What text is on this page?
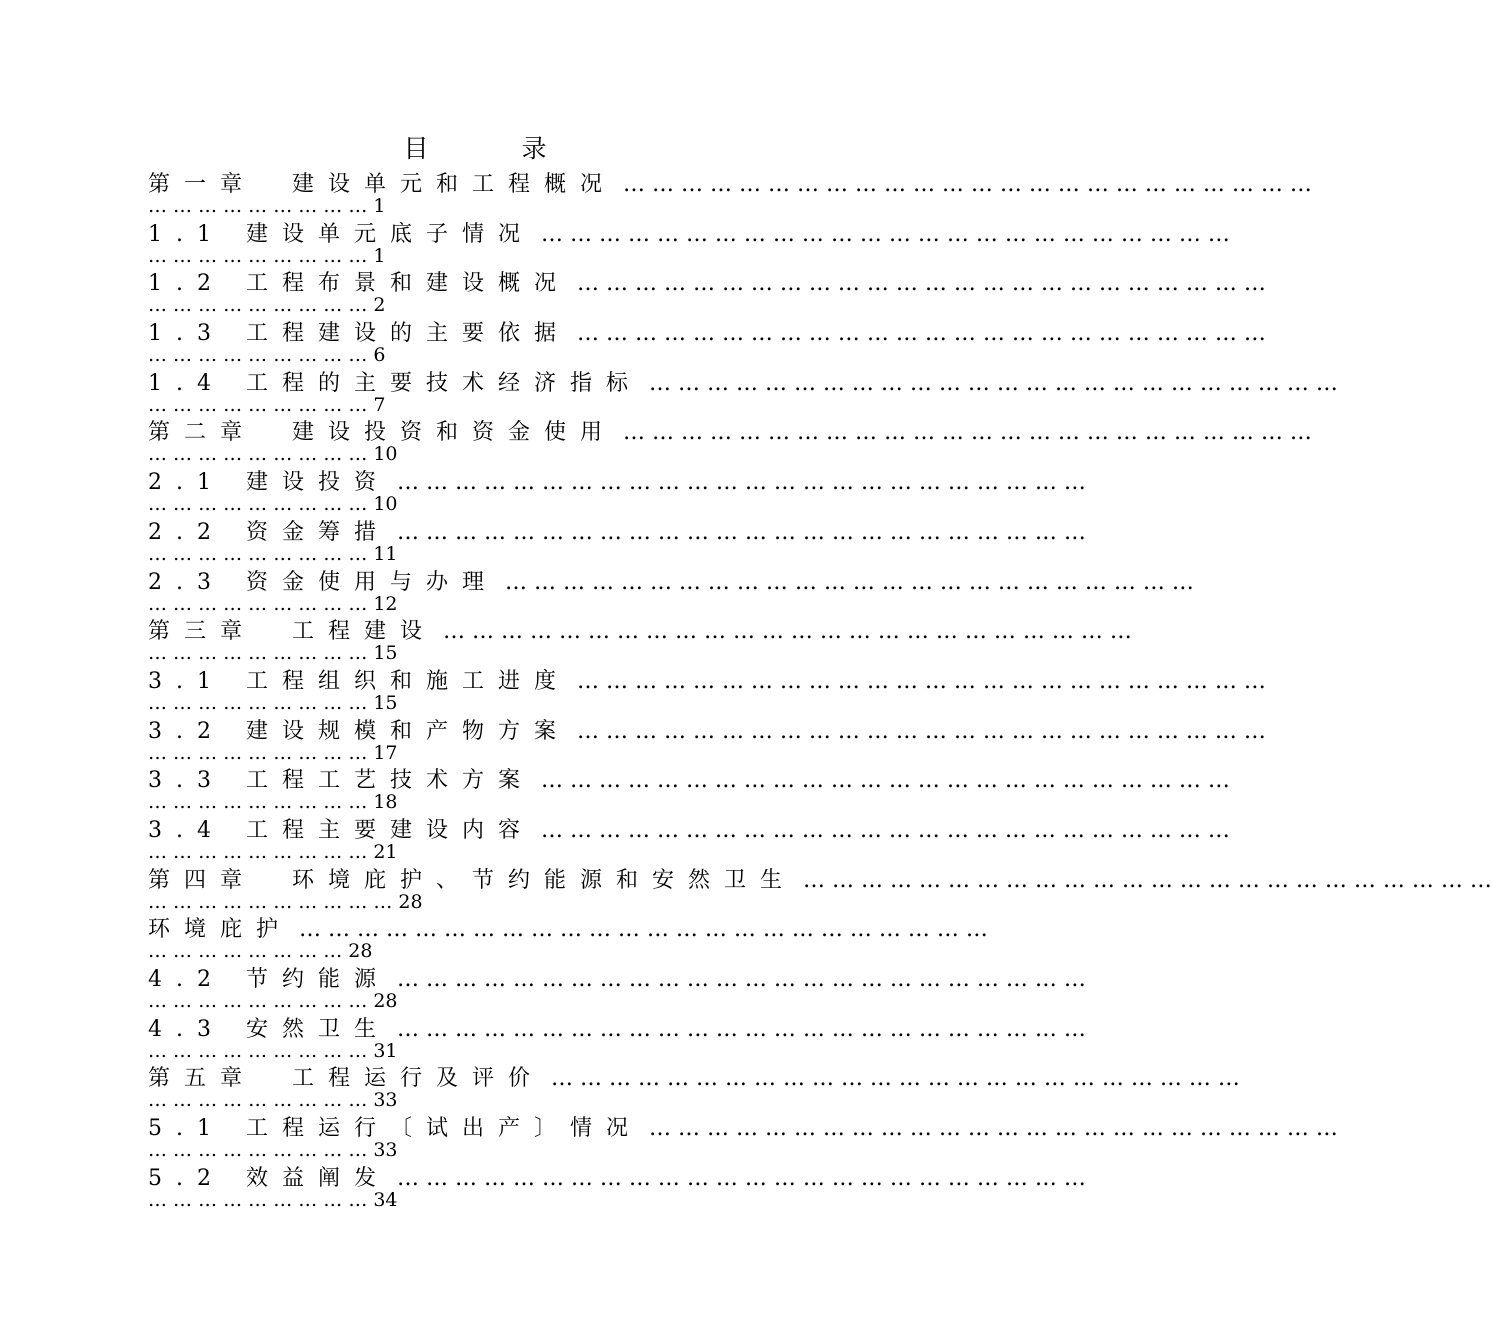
目　录
第一章　建设单元和工程概况 … … … … … … … … … … … … … … … … … … … … … … … …
… … … … … … … … … 1
1.1 建设单元底子情况 … … … … … … … … … … … … … … … … … … … … … … … …
… … … … … … … … … 1
1.2 工程布景和建设概况 … … … … … … … … … … … … … … … … … … … … … … … …
… … … … … … … … … 2
1.3 工程建设的主要依据 … … … … … … … … … … … … … … … … … … … … … … … …
… … … … … … … … … 6
1.4 工程的主要技术经济指标 … … … … … … … … … … … … … … … … … … … … … … … …
… … … … … … … … … 7
第二章　建设投资和资金使用 … … … … … … … … … … … … … … … … … … … … … … … …
… … … … … … … … … 10
2.1 建设投资 … … … … … … … … … … … … … … … … … … … … … … … …
… … … … … … … … … 10
2.2 资金筹措 … … … … … … … … … … … … … … … … … … … … … … … …
… … … … … … … … … 11
2.3 资金使用与办理 … … … … … … … … … … … … … … … … … … … … … … … …
… … … … … … … … … 12
第三章　工程建设 … … … … … … … … … … … … … … … … … … … … … … … …
… … … … … … … … … 15
3.1 工程组织和施工进度 … … … … … … … … … … … … … … … … … … … … … … … …
… … … … … … … … … 15
3.2 建设规模和产物方案 … … … … … … … … … … … … … … … … … … … … … … … …
… … … … … … … … … 17
3.3 工程工艺技术方案 … … … … … … … … … … … … … … … … … … … … … … … …
… … … … … … … … … 18
3.4 工程主要建设内容 … … … … … … … … … … … … … … … … … … … … … … … …
… … … … … … … … … 21
第四章　环境庇护、节约能源和安然卫生 … … … … … … … … … … … … … … … … … … … … … … … …
… … … … … … … … … … 28
环境庇护 … … … … … … … … … … … … … … … … … … … … … … … …
… … … … … … … … 28
4.2 节约能源 … … … … … … … … … … … … … … … … … … … … … … … …
… … … … … … … … … 28
4.3 安然卫生 … … … … … … … … … … … … … … … … … … … … … … … …
… … … … … … … … … 31
第五章　工程运行及评价 … … … … … … … … … … … … … … … … … … … … … … … …
… … … … … … … … … 33
5.1 工程运行〔试出产〕情况 … … … … … … … … … … … … … … … … … … … … … … … …
… … … … … … … … … 33
5.2 效益阐发 … … … … … … … … … … … … … … … … … … … … … … … …
… … … … … … … … … 34
